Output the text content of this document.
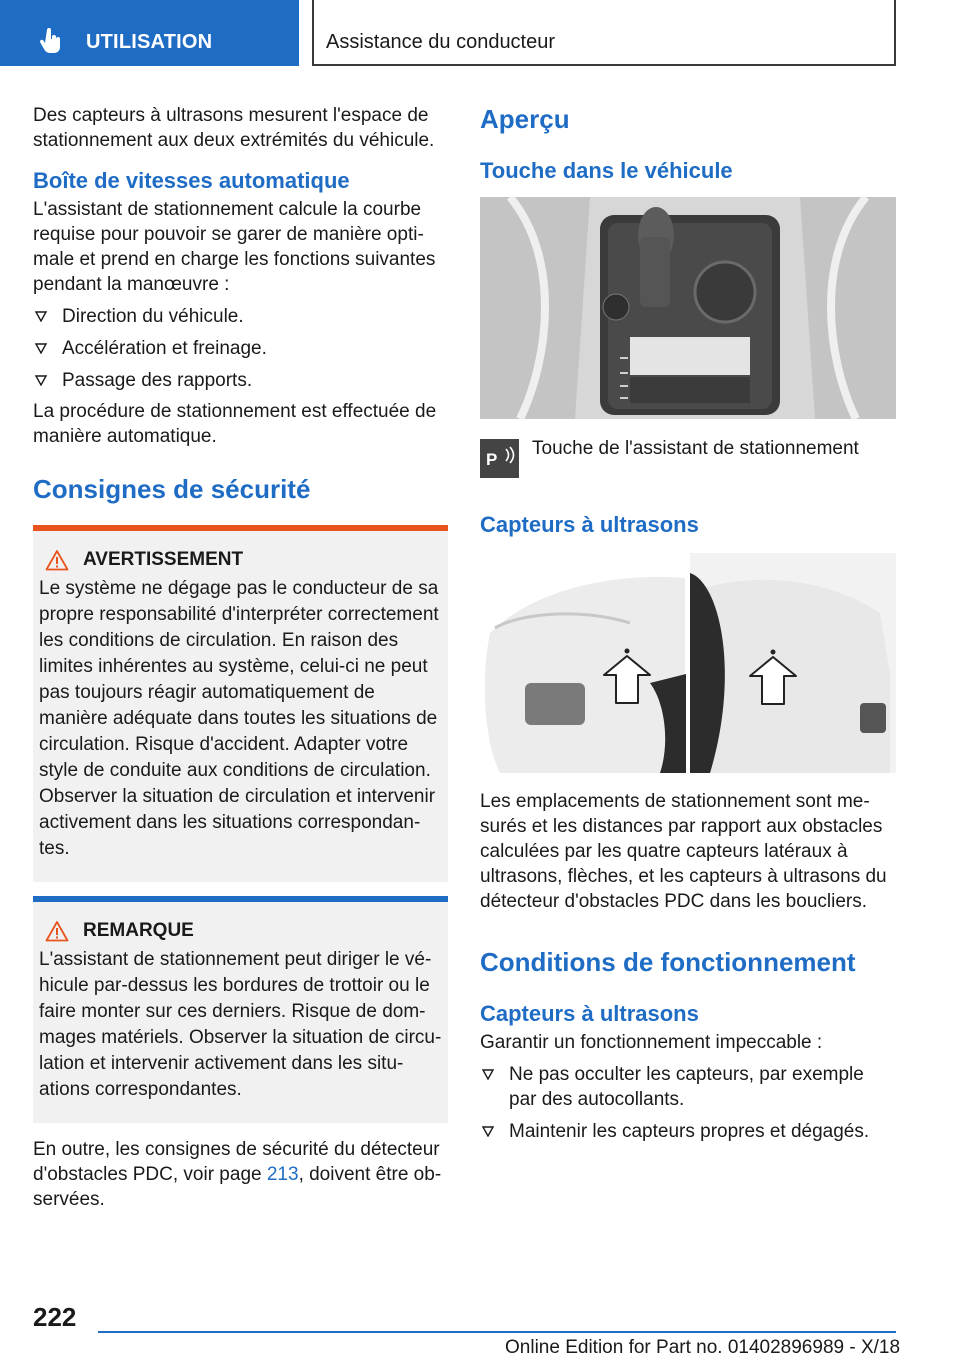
UTILISATION	Assistance du conducteur

Des capteurs à ultrasons mesurent l'espace de stationnement aux deux extrémités du véhicule.

Boîte de vitesses automatique

L'assistant de stationnement calcule la courbe requise pour pouvoir se garer de manière optimale et prend en charge les fonctions suivantes pendant la manœuvre :

Direction du véhicule.
Accélération et freinage.
Passage des rapports.

La procédure de stationnement est effectuée de manière automatique.

Consignes de sécurité

AVERTISSEMENT

Le système ne dégage pas le conducteur de sa propre responsabilité d'interpréter correctement les conditions de circulation. En raison des limites inhérentes au système, celui-ci ne peut pas toujours réagir automatiquement de manière adéquate dans toutes les situations de circulation. Risque d'accident. Adapter votre style de conduite aux conditions de circulation. Observer la situation de circulation et intervenir activement dans les situations correspondantes.

REMARQUE

L'assistant de stationnement peut diriger le véhicule par-dessus les bordures de trottoir ou le faire monter sur ces derniers. Risque de dommages matériels. Observer la situation de circulation et intervenir activement dans les situations correspondantes.

En outre, les consignes de sécurité du détecteur d'obstacles PDC, voir page 213, doivent être observées.

Aperçu

Touche dans le véhicule

P
Touche de l'assistant de stationnement

Capteurs à ultrasons

Les emplacements de stationnement sont mesurés et les distances par rapport aux obstacles calculées par les quatre capteurs latéraux à ultrasons, flèches, et les capteurs à ultrasons du détecteur d'obstacles PDC dans les boucliers.

Conditions de fonctionnement

Capteurs à ultrasons

Garantir un fonctionnement impeccable :

Ne pas occulter les capteurs, par exemple par des autocollants.
Maintenir les capteurs propres et dégagés.
222
Online Edition for Part no. 01402896989 - X/18
